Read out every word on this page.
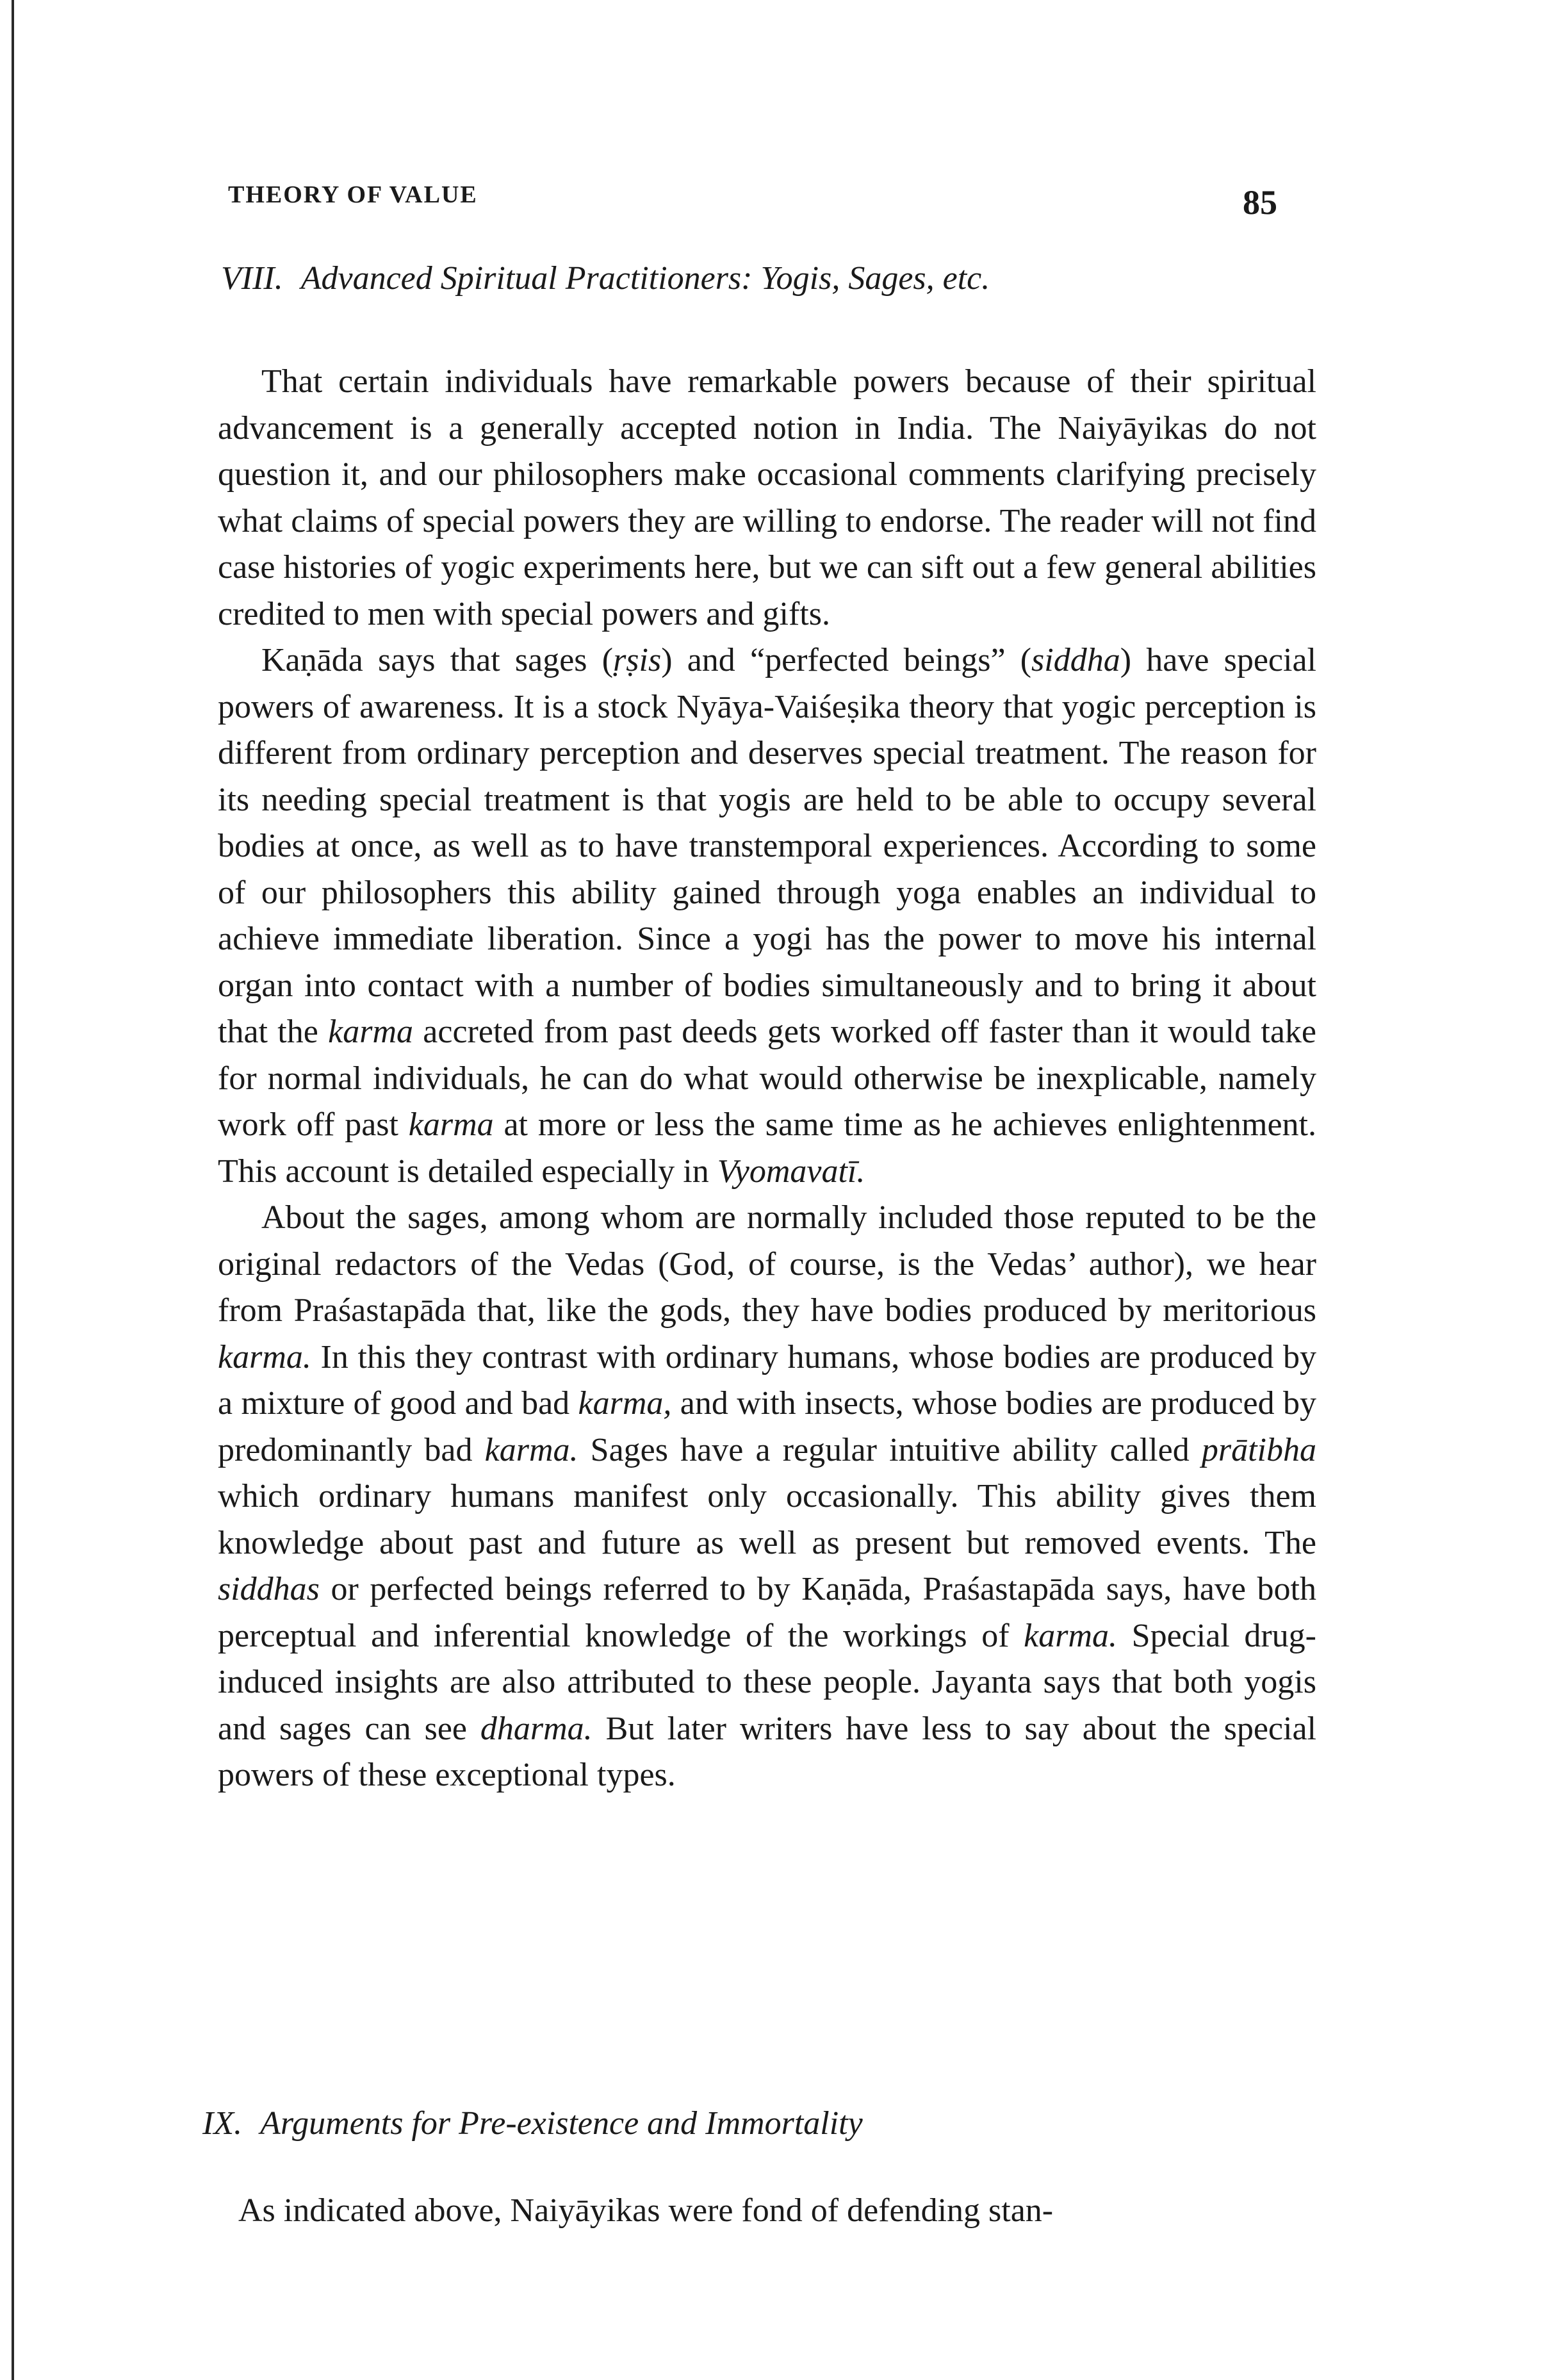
THEORY OF VALUE	85
VIII. Advanced Spiritual Practitioners: Yogis, Sages, etc.

That certain individuals have remarkable powers because of their spiritual advancement is a generally accepted notion in India. The Naiyāyikas do not question it, and our philosophers make occasional comments clarifying precisely what claims of special powers they are willing to endorse. The reader will not find case histories of yogic experiments here, but we can sift out a few general abilities credited to men with special powers and gifts.

Kaṇāda says that sages (ṛṣis) and “perfected beings” (siddha) have special powers of awareness. It is a stock Nyāya-Vaiśeṣika theory that yogic perception is different from ordinary perception and deserves special treatment. The reason for its needing special treatment is that yogis are held to be able to occupy several bodies at once, as well as to have transtemporal experiences. According to some of our philosophers this ability gained through yoga enables an individual to achieve immediate liberation. Since a yogi has the power to move his internal organ into contact with a number of bodies simultaneously and to bring it about that the karma accreted from past deeds gets worked off faster than it would take for normal individuals, he can do what would otherwise be inexplicable, namely work off past karma at more or less the same time as he achieves enlightenment. This account is detailed especially in Vyomavatī.

About the sages, among whom are normally included those reputed to be the original redactors of the Vedas (God, of course, is the Vedas’ author), we hear from Praśastapāda that, like the gods, they have bodies produced by meritorious karma. In this they contrast with ordinary humans, whose bodies are produced by a mixture of good and bad karma, and with insects, whose bodies are produced by predominantly bad karma. Sages have a regular intuitive ability called prātibha which ordinary humans manifest only occasionally. This ability gives them knowledge about past and future as well as present but removed events. The siddhas or perfected beings referred to by Kaṇāda, Praśastapāda says, have both perceptual and inferential knowledge of the workings of karma. Special drug-induced insights are also attributed to these people. Jayanta says that both yogis and sages can see dharma. But later writers have less to say about the special powers of these exceptional types.

IX. Arguments for Pre-existence and Immortality

As indicated above, Naiyāyikas were fond of defending stan-
